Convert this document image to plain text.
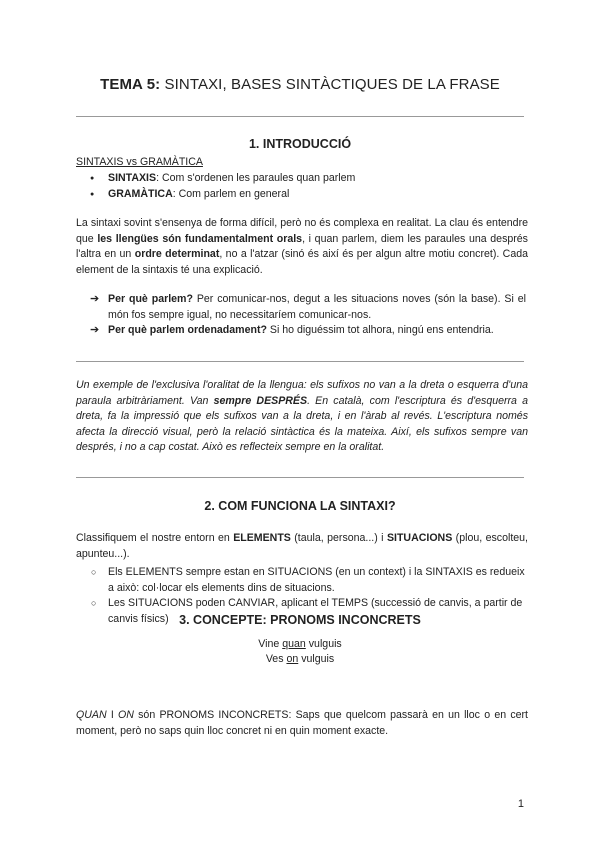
TEMA 5: SINTAXI, BASES SINTÀCTIQUES DE LA FRASE
1. INTRODUCCIÓ
SINTAXIS vs GRAMÀTICA
● SINTAXIS: Com s'ordenen les paraules quan parlem
● GRAMÀTICA: Com parlem en general
La sintaxi sovint s'ensenya de forma difícil, però no és complexa en realitat. La clau és entendre que les llengües són fundamentalment orals, i quan parlem, diem les paraules una després l'altra en un ordre determinat, no a l'atzar (sinó és així és per algun altre motiu concret). Cada element de la sintaxis té una explicació.
➔ Per què parlem? Per comunicar-nos, degut a les situacions noves (són la base). Si el món fos sempre igual, no necessitaríem comunicar-nos.
➔ Per què parlem ordenadament? Si ho diguéssim tot alhora, ningú ens entendria.
Un exemple de l'exclusiva l'oralitat de la llengua: els sufixos no van a la dreta o esquerra d'una paraula arbitràriament. Van sempre DESPRÉS. En català, com l'escriptura és d'esquerra a dreta, fa la impressió que els sufixos van a la dreta, i en l'àrab al revés. L'escriptura només afecta la direcció visual, però la relació sintàctica és la mateixa. Així, els sufixos sempre van després, i no a cap costat. Això es reflecteix sempre en la oralitat.
2. COM FUNCIONA LA SINTAXI?
Classifiquem el nostre entorn en ELEMENTS (taula, persona...) i SITUACIONS (plou, escolteu, apunteu...).
○ Els ELEMENTS sempre estan en SITUACIONS (en un context) i la SINTAXIS es redueix a això: col·locar els elements dins de situacions.
○ Les SITUACIONS poden CANVIAR, aplicant el TEMPS (successió de canvis, a partir de canvis físics) 3. CONCEPTE: PRONOMS INCONCRETS
Vine quan vulguis
Ves on vulguis
QUAN I ON són PRONOMS INCONCRETS: Saps que quelcom passarà en un lloc o en cert moment, però no saps quin lloc concret ni en quin moment exacte.
1
